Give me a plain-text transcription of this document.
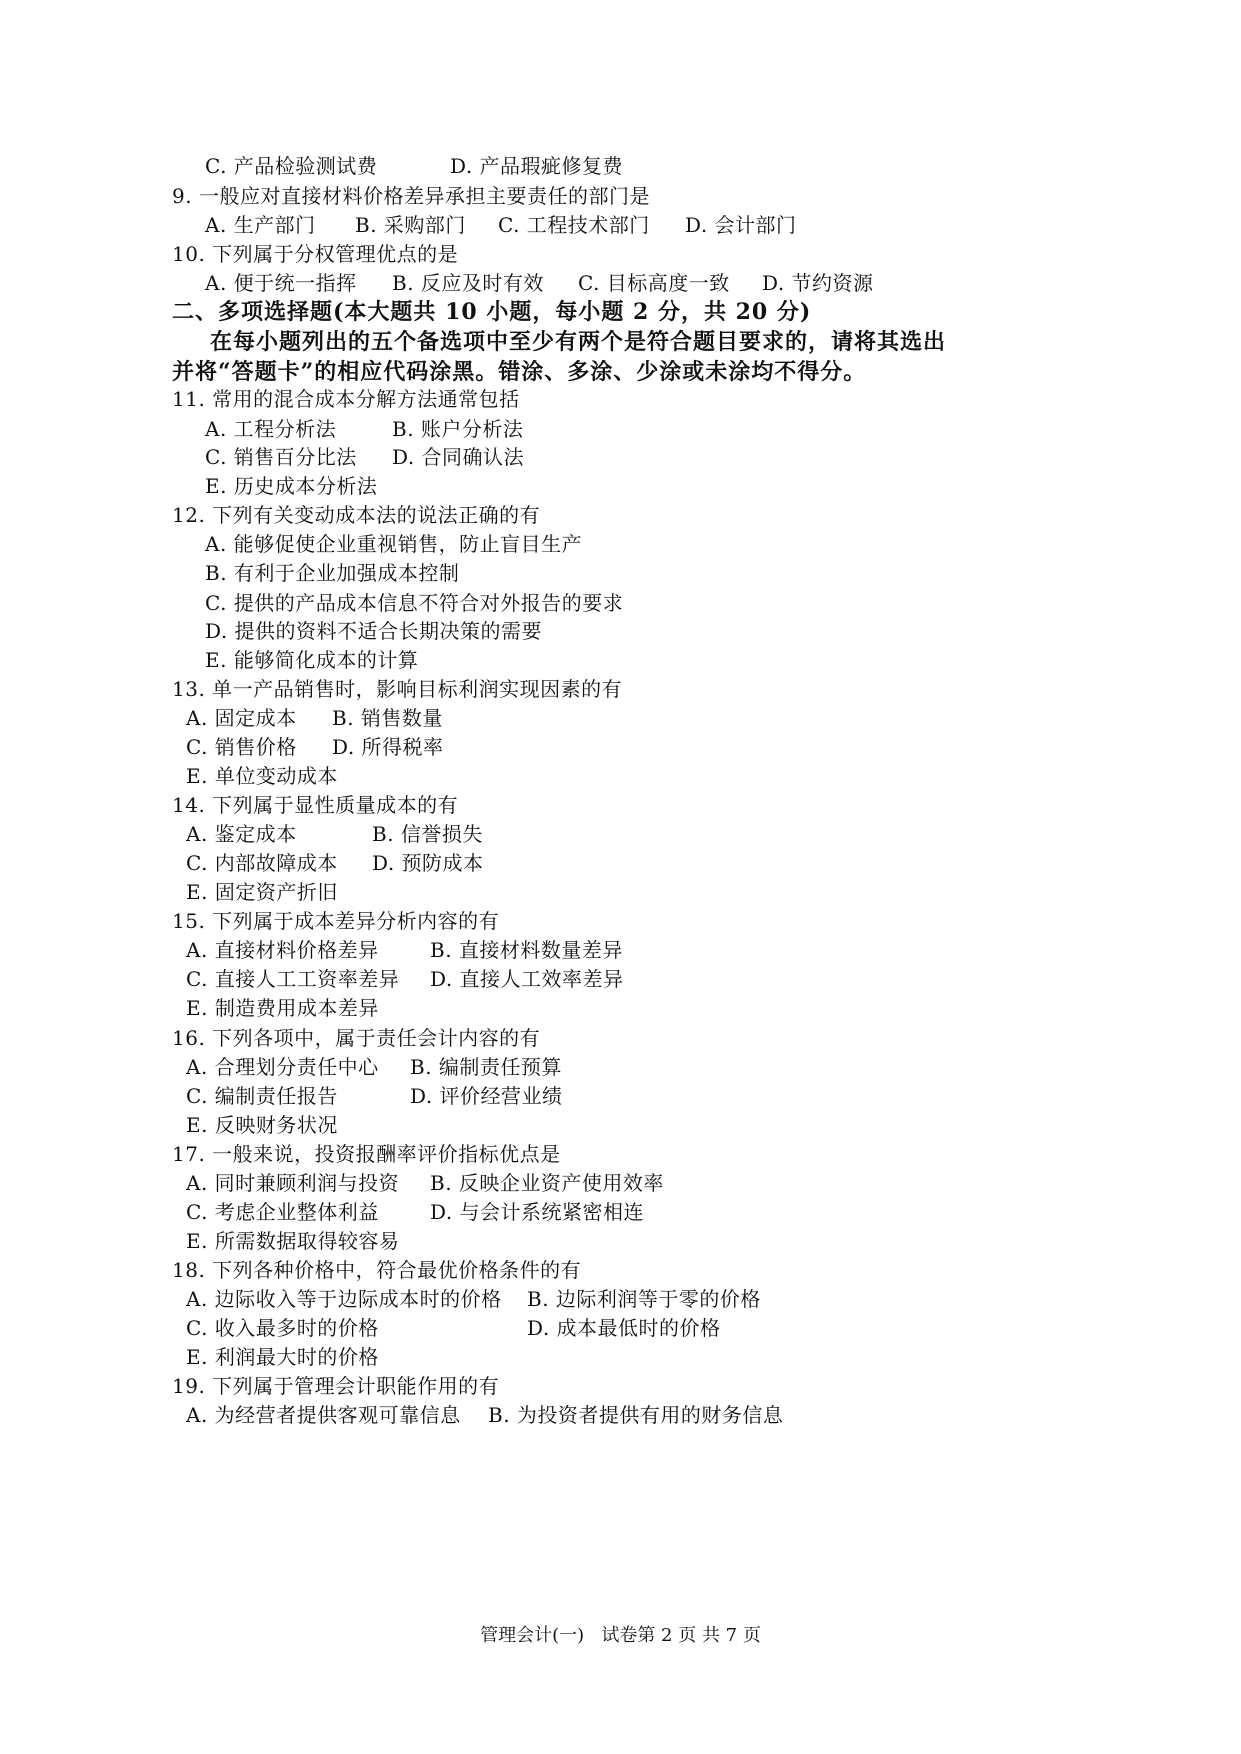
C. 产品检验测试费	D. 产品瑕疵修复费
9. 一般应对直接材料价格差异承担主要责任的部门是
A. 生产部门 B. 采购部门 C. 工程技术部门 D. 会计部门
10. 下列属于分权管理优点的是
A. 便于统一指挥 B. 反应及时有效 C. 目标高度一致 D. 节约资源
二、多项选择题(本大题共 10 小题，每小题 2 分，共 20 分)
在每小题列出的五个备选项中至少有两个是符合题目要求的，请将其选出
并将“答题卡”的相应代码涂黑。错涂、多涂、少涂或未涂均不得分。
11. 常用的混合成本分解方法通常包括
A. 工程分析法	B. 账户分析法
C. 销售百分比法 D. 合同确认法
E. 历史成本分析法
12. 下列有关变动成本法的说法正确的有
A. 能够促使企业重视销售，防止盲目生产
B. 有利于企业加强成本控制
C. 提供的产品成本信息不符合对外报告的要求
D. 提供的资料不适合长期决策的需要
E. 能够简化成本的计算
13. 单一产品销售时，影响目标利润实现因素的有
A. 固定成本 B. 销售数量
C. 销售价格 D. 所得税率
E. 单位变动成本
14. 下列属于显性质量成本的有
A. 鉴定成本	B. 信誉损失
C. 内部故障成本 D. 预防成本
E. 固定资产折旧
15. 下列属于成本差异分析内容的有
A. 直接材料价格差异	B. 直接材料数量差异
C. 直接人工工资率差异 D. 直接人工效率差异
E. 制造费用成本差异
16. 下列各项中，属于责任会计内容的有
A. 合理划分责任中心 B. 编制责任预算
C. 编制责任报告	D. 评价经营业绩
E. 反映财务状况
17. 一般来说，投资报酬率评价指标优点是
A. 同时兼顾利润与投资 B. 反映企业资产使用效率
C. 考虑企业整体利益	D. 与会计系统紧密相连
E. 所需数据取得较容易
18. 下列各种价格中，符合最优价格条件的有
A. 边际收入等于边际成本时的价格 B. 边际利润等于零的价格
C. 收入最多时的价格	D. 成本最低时的价格
E. 利润最大时的价格
19. 下列属于管理会计职能作用的有
A. 为经营者提供客观可靠信息 B. 为投资者提供有用的财务信息
管理会计(一)   试卷第 2 页 共 7 页
